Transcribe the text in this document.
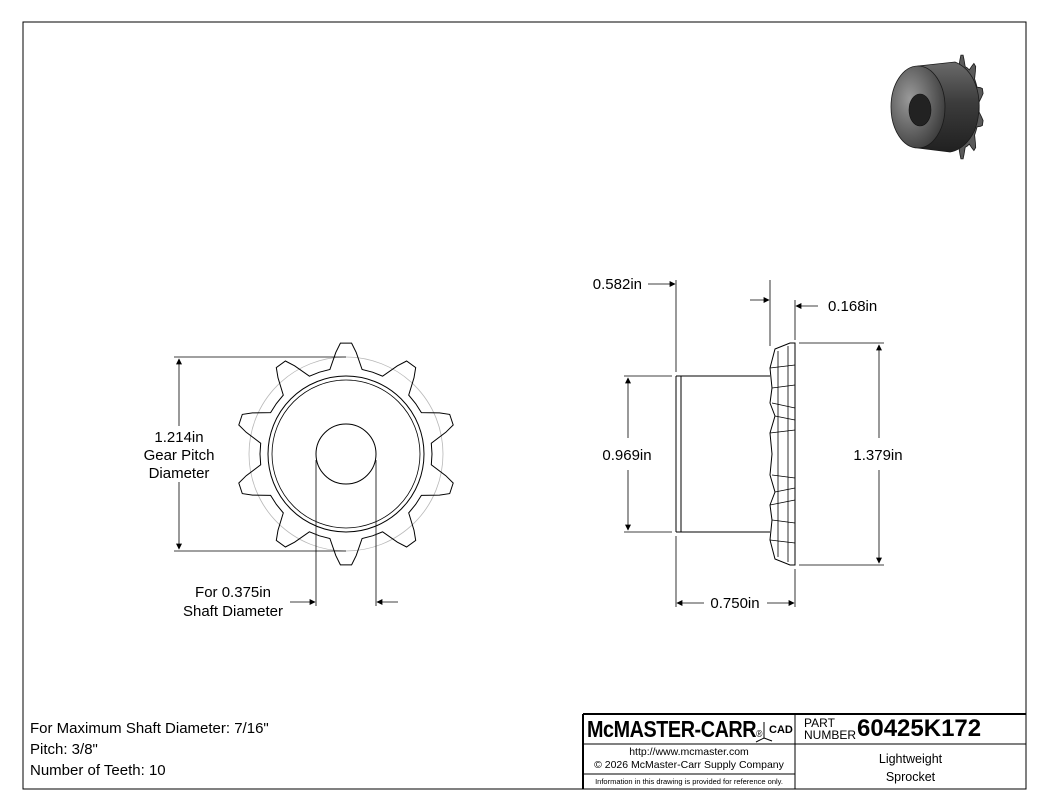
1.214in
Gear Pitch
Diameter
For 0.375in
Shaft Diameter
0.582in
0.168in
0.969in	1.379in
0.750in
CAD
For Maximum Shaft Diameter: 7/16"
Pitch: 3/8"
Number of Teeth: 10
McMASTER-CARR®
PART
NUMBER 60425K172
http://www.mcmaster.com
© 2026 McMaster-Carr Supply Company
Information in this drawing is provided for reference only.
Lightweight
Sprocket
